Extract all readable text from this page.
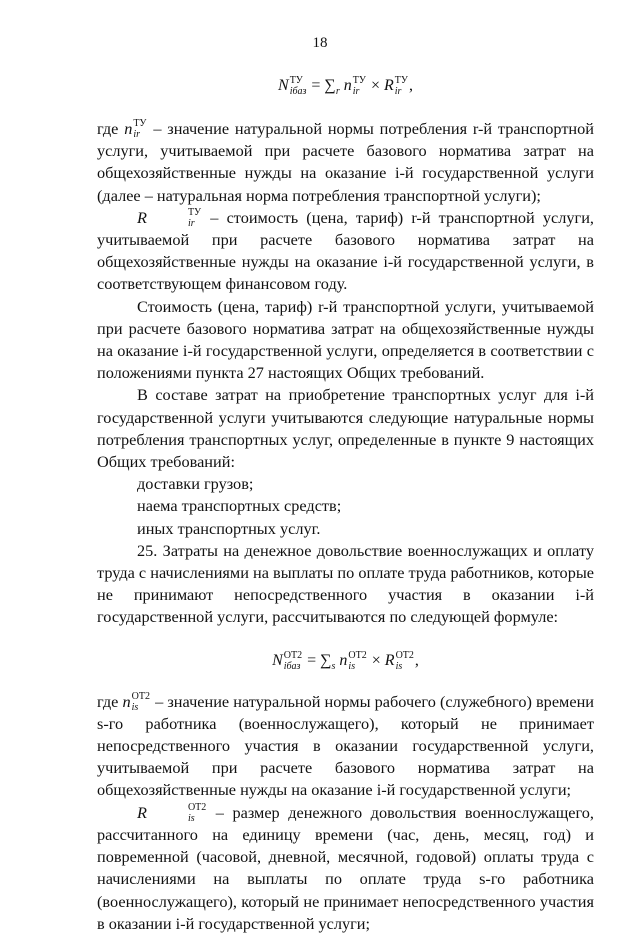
18
N ТУ
iбаз = $\sum_r$ n ТУ
ir × R ТУ
ir ,

где n ТУ
ir – значение натуральной нормы потребления r-й транспортной услуги, учитываемой при расчете базового норматива затрат на общехозяйственные нужды на оказание i-й государственной услуги (далее – натуральная норма потребления транспортной услуги);

R	ТУ
ir – стоимость (цена, тариф) r-й транспортной услуги, учитываемой при расчете базового норматива затрат на общехозяйственные нужды на оказание i-й государственной услуги, в соответствующем финансовом году.

Стоимость (цена, тариф) r-й транспортной услуги, учитываемой при расчете базового норматива затрат на общехозяйственные нужды на оказание i-й государственной услуги, определяется в соответствии с положениями пункта 27 настоящих Общих требований.

В составе затрат на приобретение транспортных услуг для i-й государственной услуги учитываются следующие натуральные нормы потребления транспортных услуг, определенные в пункте 9 настоящих Общих требований:

доставки грузов;

наема транспортных средств;

иных транспортных услуг.

25. Затраты на денежное довольствие военнослужащих и оплату труда с начислениями на выплаты по оплате труда работников, которые не принимают непосредственного участия в оказании i-й государственной услуги, рассчитываются по следующей формуле:

N ОТ2
iбаз = $\sum_s$ n ОТ2
is × R ОТ2
is ,

где n ОТ2
is – значение натуральной нормы рабочего (служебного) времени s-го работника (военнослужащего), который не принимает непосредственного участия в оказании государственной услуги, учитываемой при расчете базового норматива затрат на общехозяйственные нужды на оказание i-й государственной услуги;

R	ОТ2
is – размер денежного довольствия военнослужащего, рассчитанного на единицу времени (час, день, месяц, год) и повременной (часовой, дневной, месячной, годовой) оплаты труда с начислениями на выплаты по оплате труда s-го работника (военнослужащего), который не принимает непосредственного участия в оказании i-й государственной услуги;
